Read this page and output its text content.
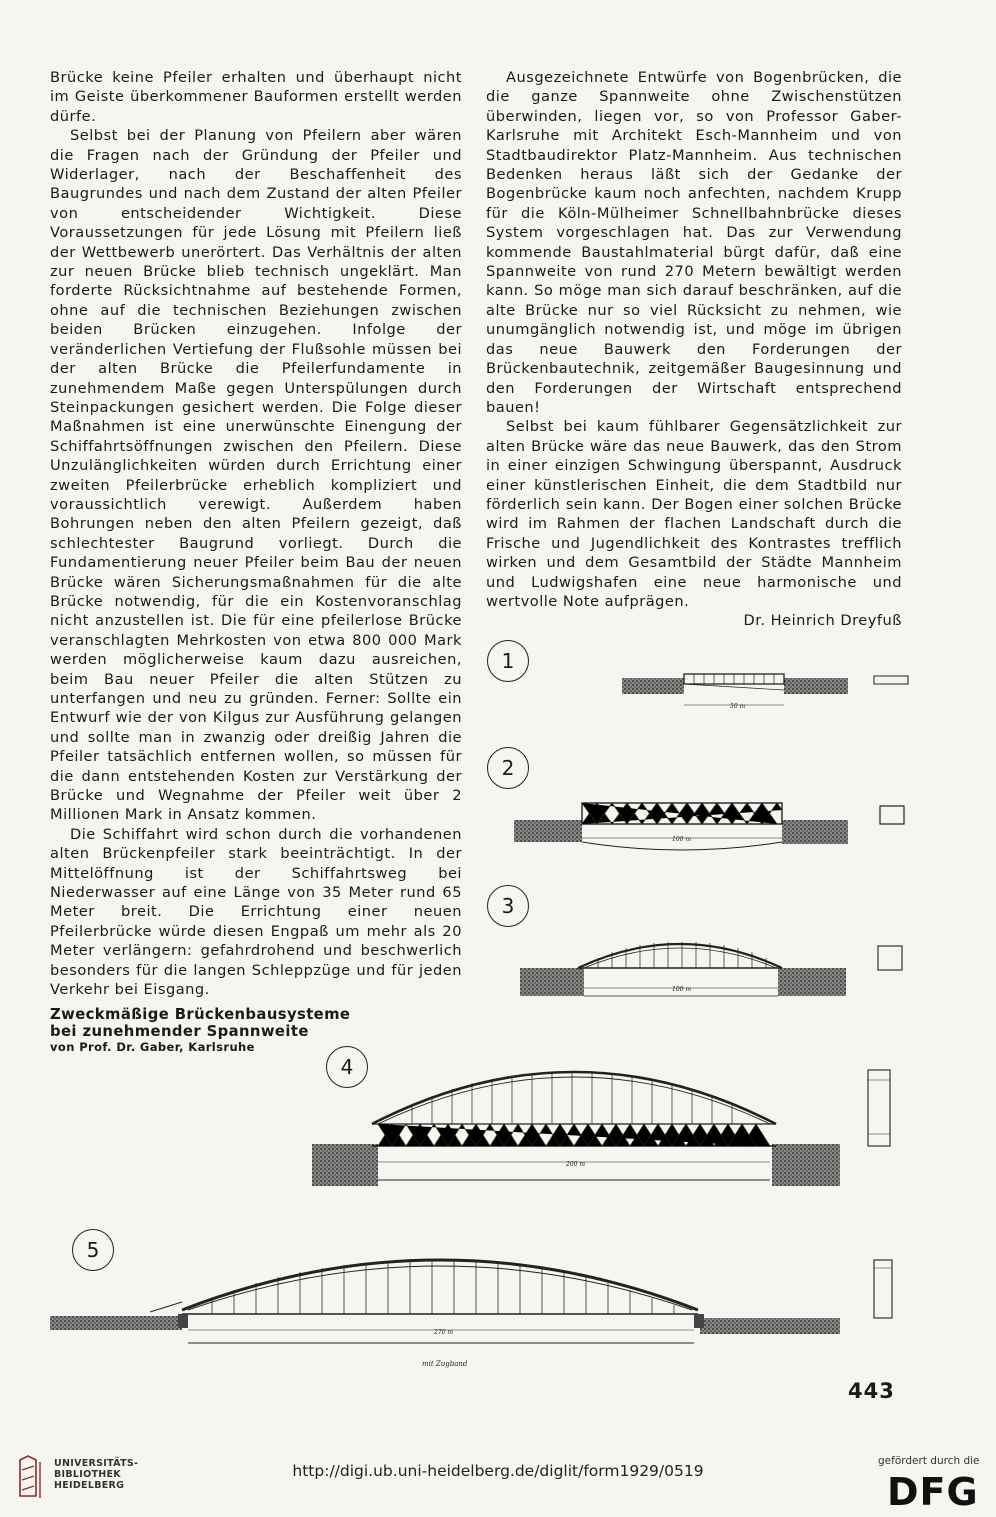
Brücke keine Pfeiler erhalten und überhaupt nicht im Geiste überkommener Bauformen erstellt werden dürfe.

Selbst bei der Planung von Pfeilern aber wären die Fragen nach der Gründung der Pfeiler und Widerlager, nach der Beschaffenheit des Baugrundes und nach dem Zustand der alten Pfeiler von entscheidender Wichtigkeit. Diese Voraussetzungen für jede Lösung mit Pfeilern ließ der Wettbewerb unerörtert. Das Verhältnis der alten zur neuen Brücke blieb technisch ungeklärt. Man forderte Rücksichtnahme auf bestehende Formen, ohne auf die technischen Beziehungen zwischen beiden Brücken einzugehen. Infolge der veränderlichen Vertiefung der Flußsohle müssen bei der alten Brücke die Pfeilerfundamente in zunehmendem Maße gegen Unterspülungen durch Steinpackungen gesichert werden. Die Folge dieser Maßnahmen ist eine unerwünschte Einengung der Schiffahrtsöffnungen zwischen den Pfeilern. Diese Unzulänglichkeiten würden durch Errichtung einer zweiten Pfeilerbrücke erheblich kompliziert und voraussichtlich verewigt. Außerdem haben Bohrungen neben den alten Pfeilern gezeigt, daß schlechtester Baugrund vorliegt. Durch die Fundamentierung neuer Pfeiler beim Bau der neuen Brücke wären Sicherungsmaßnahmen für die alte Brücke notwendig, für die ein Kostenvoranschlag nicht anzustellen ist. Die für eine pfeilerlose Brücke veranschlagten Mehrkosten von etwa 800 000 Mark werden möglicherweise kaum dazu ausreichen, beim Bau neuer Pfeiler die alten Stützen zu unterfangen und neu zu gründen. Ferner: Sollte ein Entwurf wie der von Kilgus zur Ausführung gelangen und sollte man in zwanzig oder dreißig Jahren die Pfeiler tatsächlich entfernen wollen, so müssen für die dann entstehenden Kosten zur Verstärkung der Brücke und Wegnahme der Pfeiler weit über 2 Millionen Mark in Ansatz kommen.

Die Schiffahrt wird schon durch die vorhandenen alten Brückenpfeiler stark beeinträchtigt. In der Mittelöffnung ist der Schiffahrtsweg bei Niederwasser auf eine Länge von 35 Meter rund 65 Meter breit. Die Errichtung einer neuen Pfeilerbrücke würde diesen Engpaß um mehr als 20 Meter verlängern: gefahrdrohend und beschwerlich besonders für die langen Schleppzüge und für jeden Verkehr bei Eisgang.

Ausgezeichnete Entwürfe von Bogenbrücken, die die ganze Spannweite ohne Zwischenstützen überwinden, liegen vor, so von Professor Gaber-Karlsruhe mit Architekt Esch-Mannheim und von Stadtbaudirektor Platz-Mannheim. Aus technischen Bedenken heraus läßt sich der Gedanke der Bogenbrücke kaum noch anfechten, nachdem Krupp für die Köln-Mülheimer Schnellbahnbrücke dieses System vorgeschlagen hat. Das zur Verwendung kommende Baustahlmaterial bürgt dafür, daß eine Spannweite von rund 270 Metern bewältigt werden kann. So möge man sich darauf beschränken, auf die alte Brücke nur so viel Rücksicht zu nehmen, wie unumgänglich notwendig ist, und möge im übrigen das neue Bauwerk den Forderungen der Brückenbautechnik, zeitgemäßer Baugesinnung und den Forderungen der Wirtschaft entsprechend bauen!

Selbst bei kaum fühlbarer Gegensätzlichkeit zur alten Brücke wäre das neue Bauwerk, das den Strom in einer einzigen Schwingung überspannt, Ausdruck einer künstlerischen Einheit, die dem Stadtbild nur förderlich sein kann. Der Bogen einer solchen Brücke wird im Rahmen der flachen Landschaft durch die Frische und Jugendlichkeit des Kontrastes trefflich wirken und dem Gesamtbild der Städte Mannheim und Ludwigshafen eine neue harmonische und wertvolle Note aufprägen.

Dr. Heinrich Dreyfuß

Zweckmäßige Brückenbausysteme
bei zunehmender Spannweite
von Prof. Dr. Gaber, Karlsruhe
1
2
3
4
5
50 m
100 m
100 m
200 m
270 m
mit Zugband
443
UNIVERSITÄTS-
BIBLIOTHEK
HEIDELBERG
http://digi.ub.uni-heidelberg.de/diglit/form1929/0519
gefördert durch die
DFG
